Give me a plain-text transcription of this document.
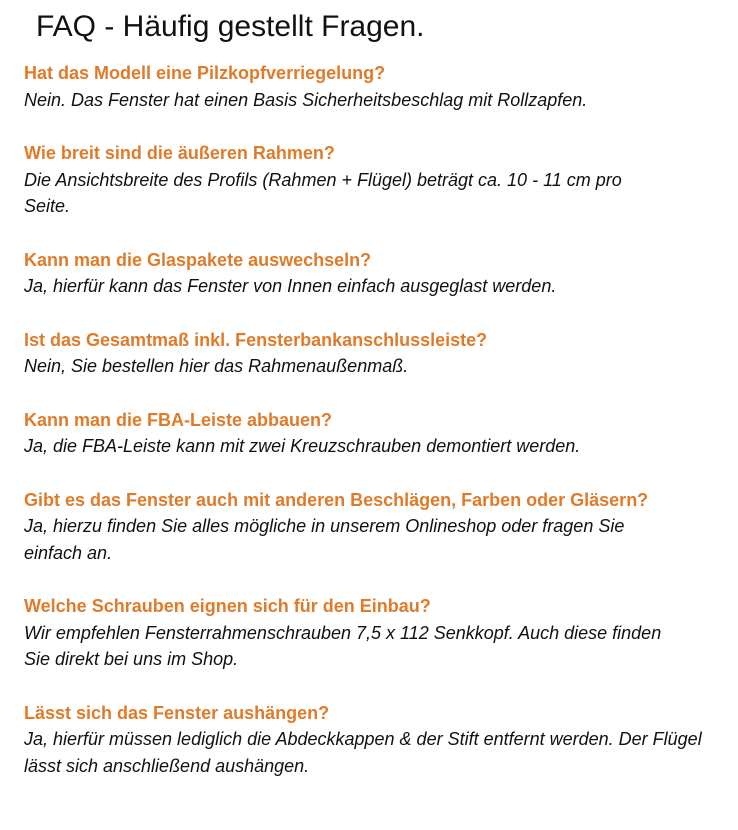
FAQ - Häufig gestellt Fragen.
Hat das Modell eine Pilzkopfverriegelung?
Nein. Das Fenster hat einen Basis Sicherheitsbeschlag mit Rollzapfen.
Wie breit sind die äußeren Rahmen?
Die Ansichtsbreite des Profils (Rahmen + Flügel) beträgt ca. 10 - 11 cm pro Seite.
Kann man die Glaspakete auswechseln?
Ja, hierfür kann das Fenster von Innen einfach ausgeglast werden.
Ist das Gesamtmaß inkl. Fensterbankanschlussleiste?
Nein, Sie bestellen hier das Rahmenaußenmaß.
Kann man die FBA-Leiste abbauen?
Ja, die FBA-Leiste kann mit zwei Kreuzschrauben demontiert werden.
Gibt es das Fenster auch mit anderen Beschlägen, Farben oder Gläsern?
Ja, hierzu finden Sie alles mögliche in unserem Onlineshop oder fragen Sie einfach an.
Welche Schrauben eignen sich für den Einbau?
Wir empfehlen Fensterrahmenschrauben 7,5 x 112 Senkkopf. Auch diese finden Sie direkt bei uns im Shop.
Lässt sich das Fenster aushängen?
Ja, hierfür müssen lediglich die Abdeckkappen & der Stift entfernt werden. Der Flügel lässt sich anschließend aushängen.
